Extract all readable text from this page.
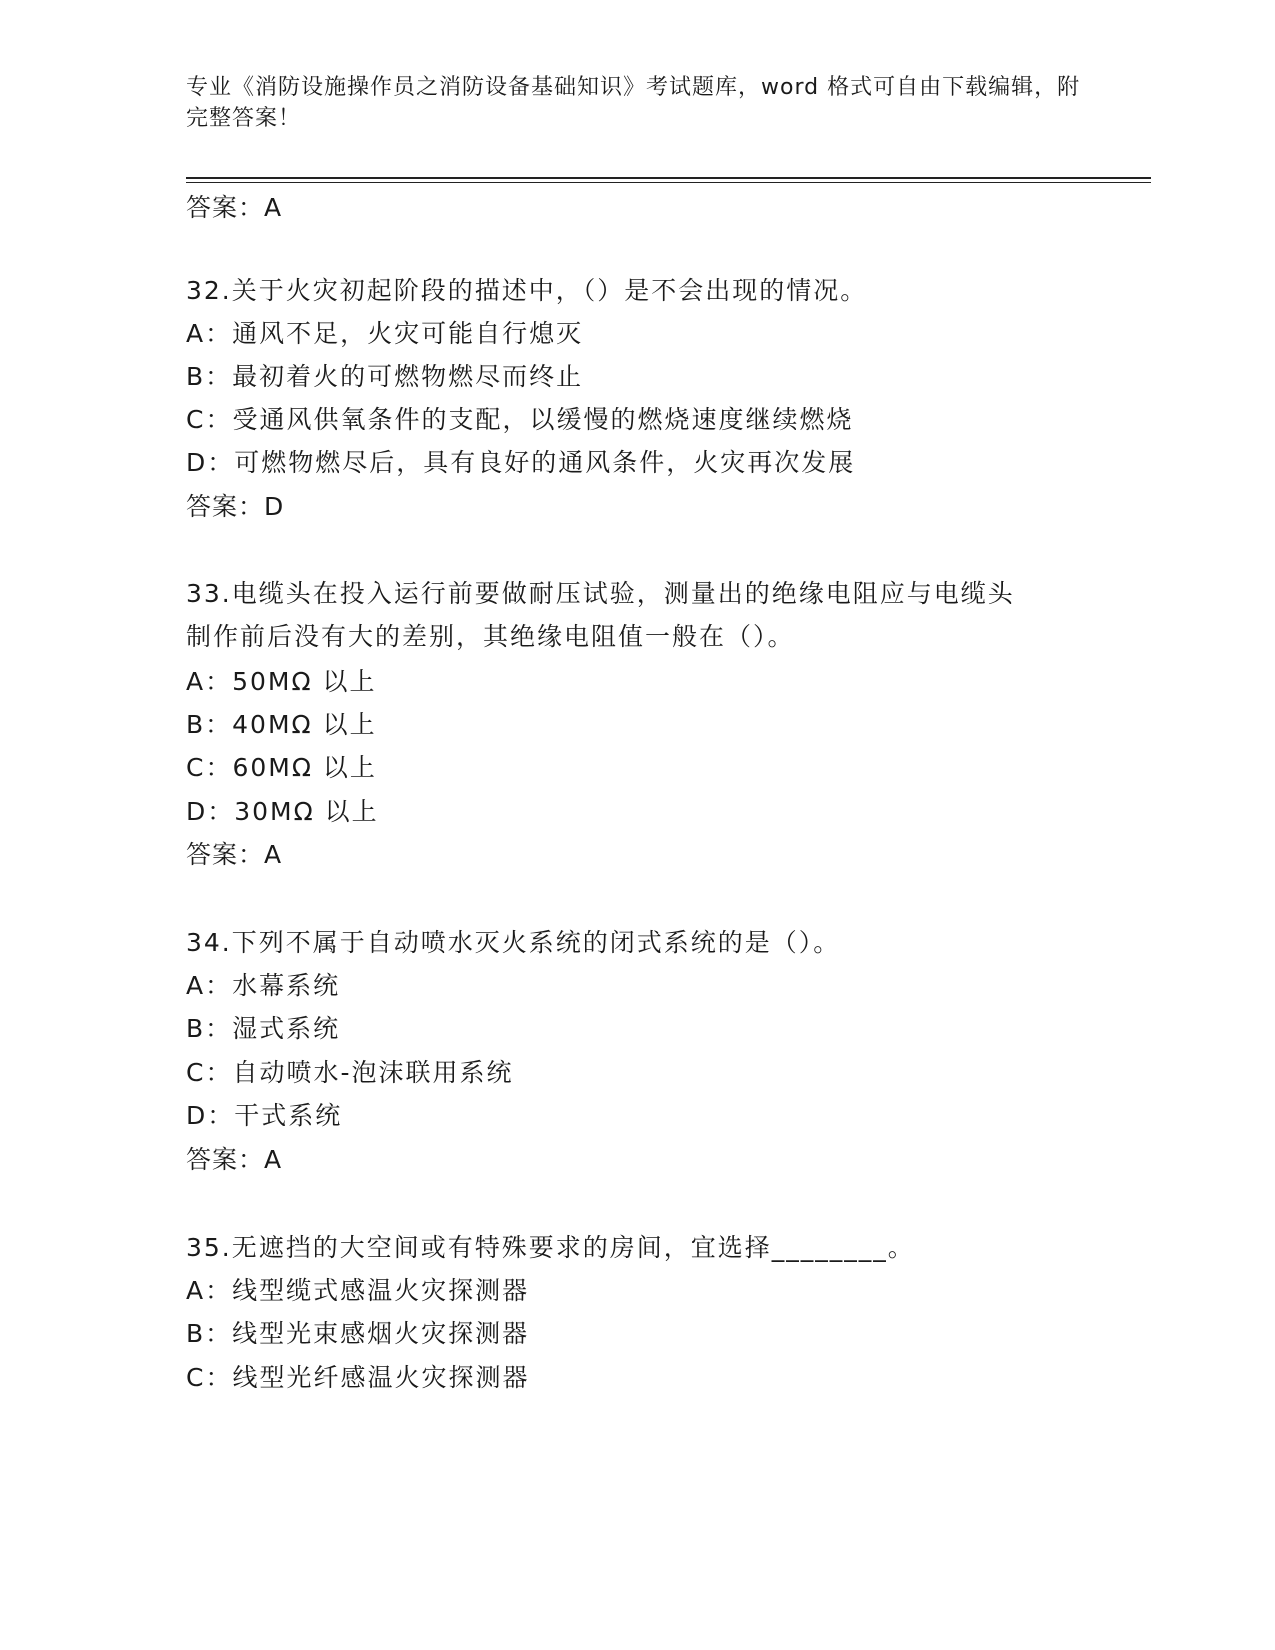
专业《消防设施操作员之消防设备基础知识》考试题库，word 格式可自由下载编辑，附完整答案！
答案：A
32.关于火灾初起阶段的描述中，（）是不会出现的情况。
A：通风不足，火灾可能自行熄灭
B：最初着火的可燃物燃尽而终止
C：受通风供氧条件的支配，以缓慢的燃烧速度继续燃烧
D：可燃物燃尽后，具有良好的通风条件，火灾再次发展
答案：D
33.电缆头在投入运行前要做耐压试验，测量出的绝缘电阻应与电缆头
制作前后没有大的差别，其绝缘电阻值一般在（）。
A：50MΩ 以上
B：40MΩ 以上
C：60MΩ 以上
D：30MΩ 以上
答案：A
34.下列不属于自动喷水灭火系统的闭式系统的是（）。
A：水幕系统
B：湿式系统
C：自动喷水-泡沫联用系统
D：干式系统
答案：A
35.无遮挡的大空间或有特殊要求的房间，宜选择________。
A：线型缆式感温火灾探测器
B：线型光束感烟火灾探测器
C：线型光纤感温火灾探测器
